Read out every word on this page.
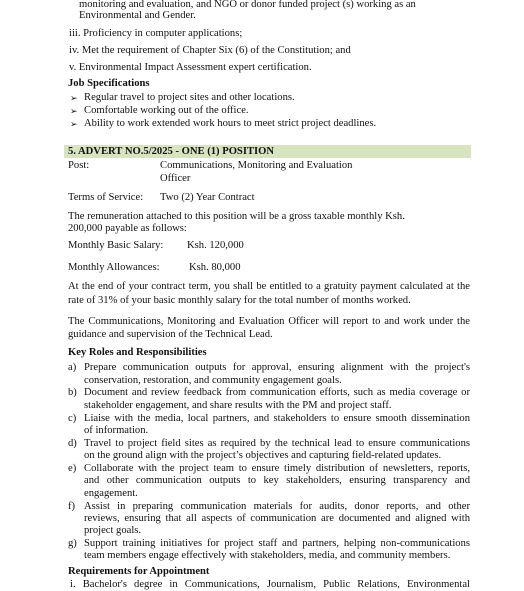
monitoring and evaluation, and NGO or donor funded project (s) working as an
Environmental and Gender.
iii. Proficiency in computer applications;
iv. Met the requirement of Chapter Six (6) of the Constitution; and
v. Environmental Impact Assessment expert certification.
Job Specifications
➢ Regular travel to project sites and other locations.
➢ Comfortable working out of the office.
➢ Ability to work extended work hours to meet strict project deadlines.
5. ADVERT NO.5/2025 - ONE (1) POSITION
Post:	Communications, Monitoring and Evaluation
Officer
Terms of Service: Two (2) Year Contract
The remuneration attached to this position will be a gross taxable monthly Ksh.
200,000 payable as follows:
Monthly Basic Salary: Ksh. 120,000
Monthly Allowances:	Ksh. 80,000
At the end of your contract term, you shall be entitled to a gratuity payment calculated at the
rate of 31% of your basic monthly salary for the total number of months worked.
The Communications, Monitoring and Evaluation Officer will report to and work under the
guidance and supervision of the Technical Lead.
Key Roles and Responsibilities
a) Prepare communication outputs for approval, ensuring alignment with the project's
conservation, restoration, and community engagement goals.
b) Document and review feedback from communication efforts, such as media coverage or
stakeholder engagement, and share results with the PM and project staff.
c) Liaise with the media, local partners, and stakeholders to ensure smooth dissemination
of information.
d) Travel to project field sites as required by the technical lead to ensure communications
on the ground align with the project’s objectives and capturing field-related updates.
e) Collaborate with the project team to ensure timely distribution of newsletters, reports,
and other communication outputs to key stakeholders, ensuring transparency and
engagement.
f) Assist in preparing communication materials for audits, donor reports, and other
reviews, ensuring that all aspects of communication are documented and aligned with
project goals.
g) Support training initiatives for project staff and partners, helping non-communications
team members engage effectively with stakeholders, media, and community members.
Requirements for Appointment
i. Bachelor's degree in Communications, Journalism, Public Relations, Environmental
